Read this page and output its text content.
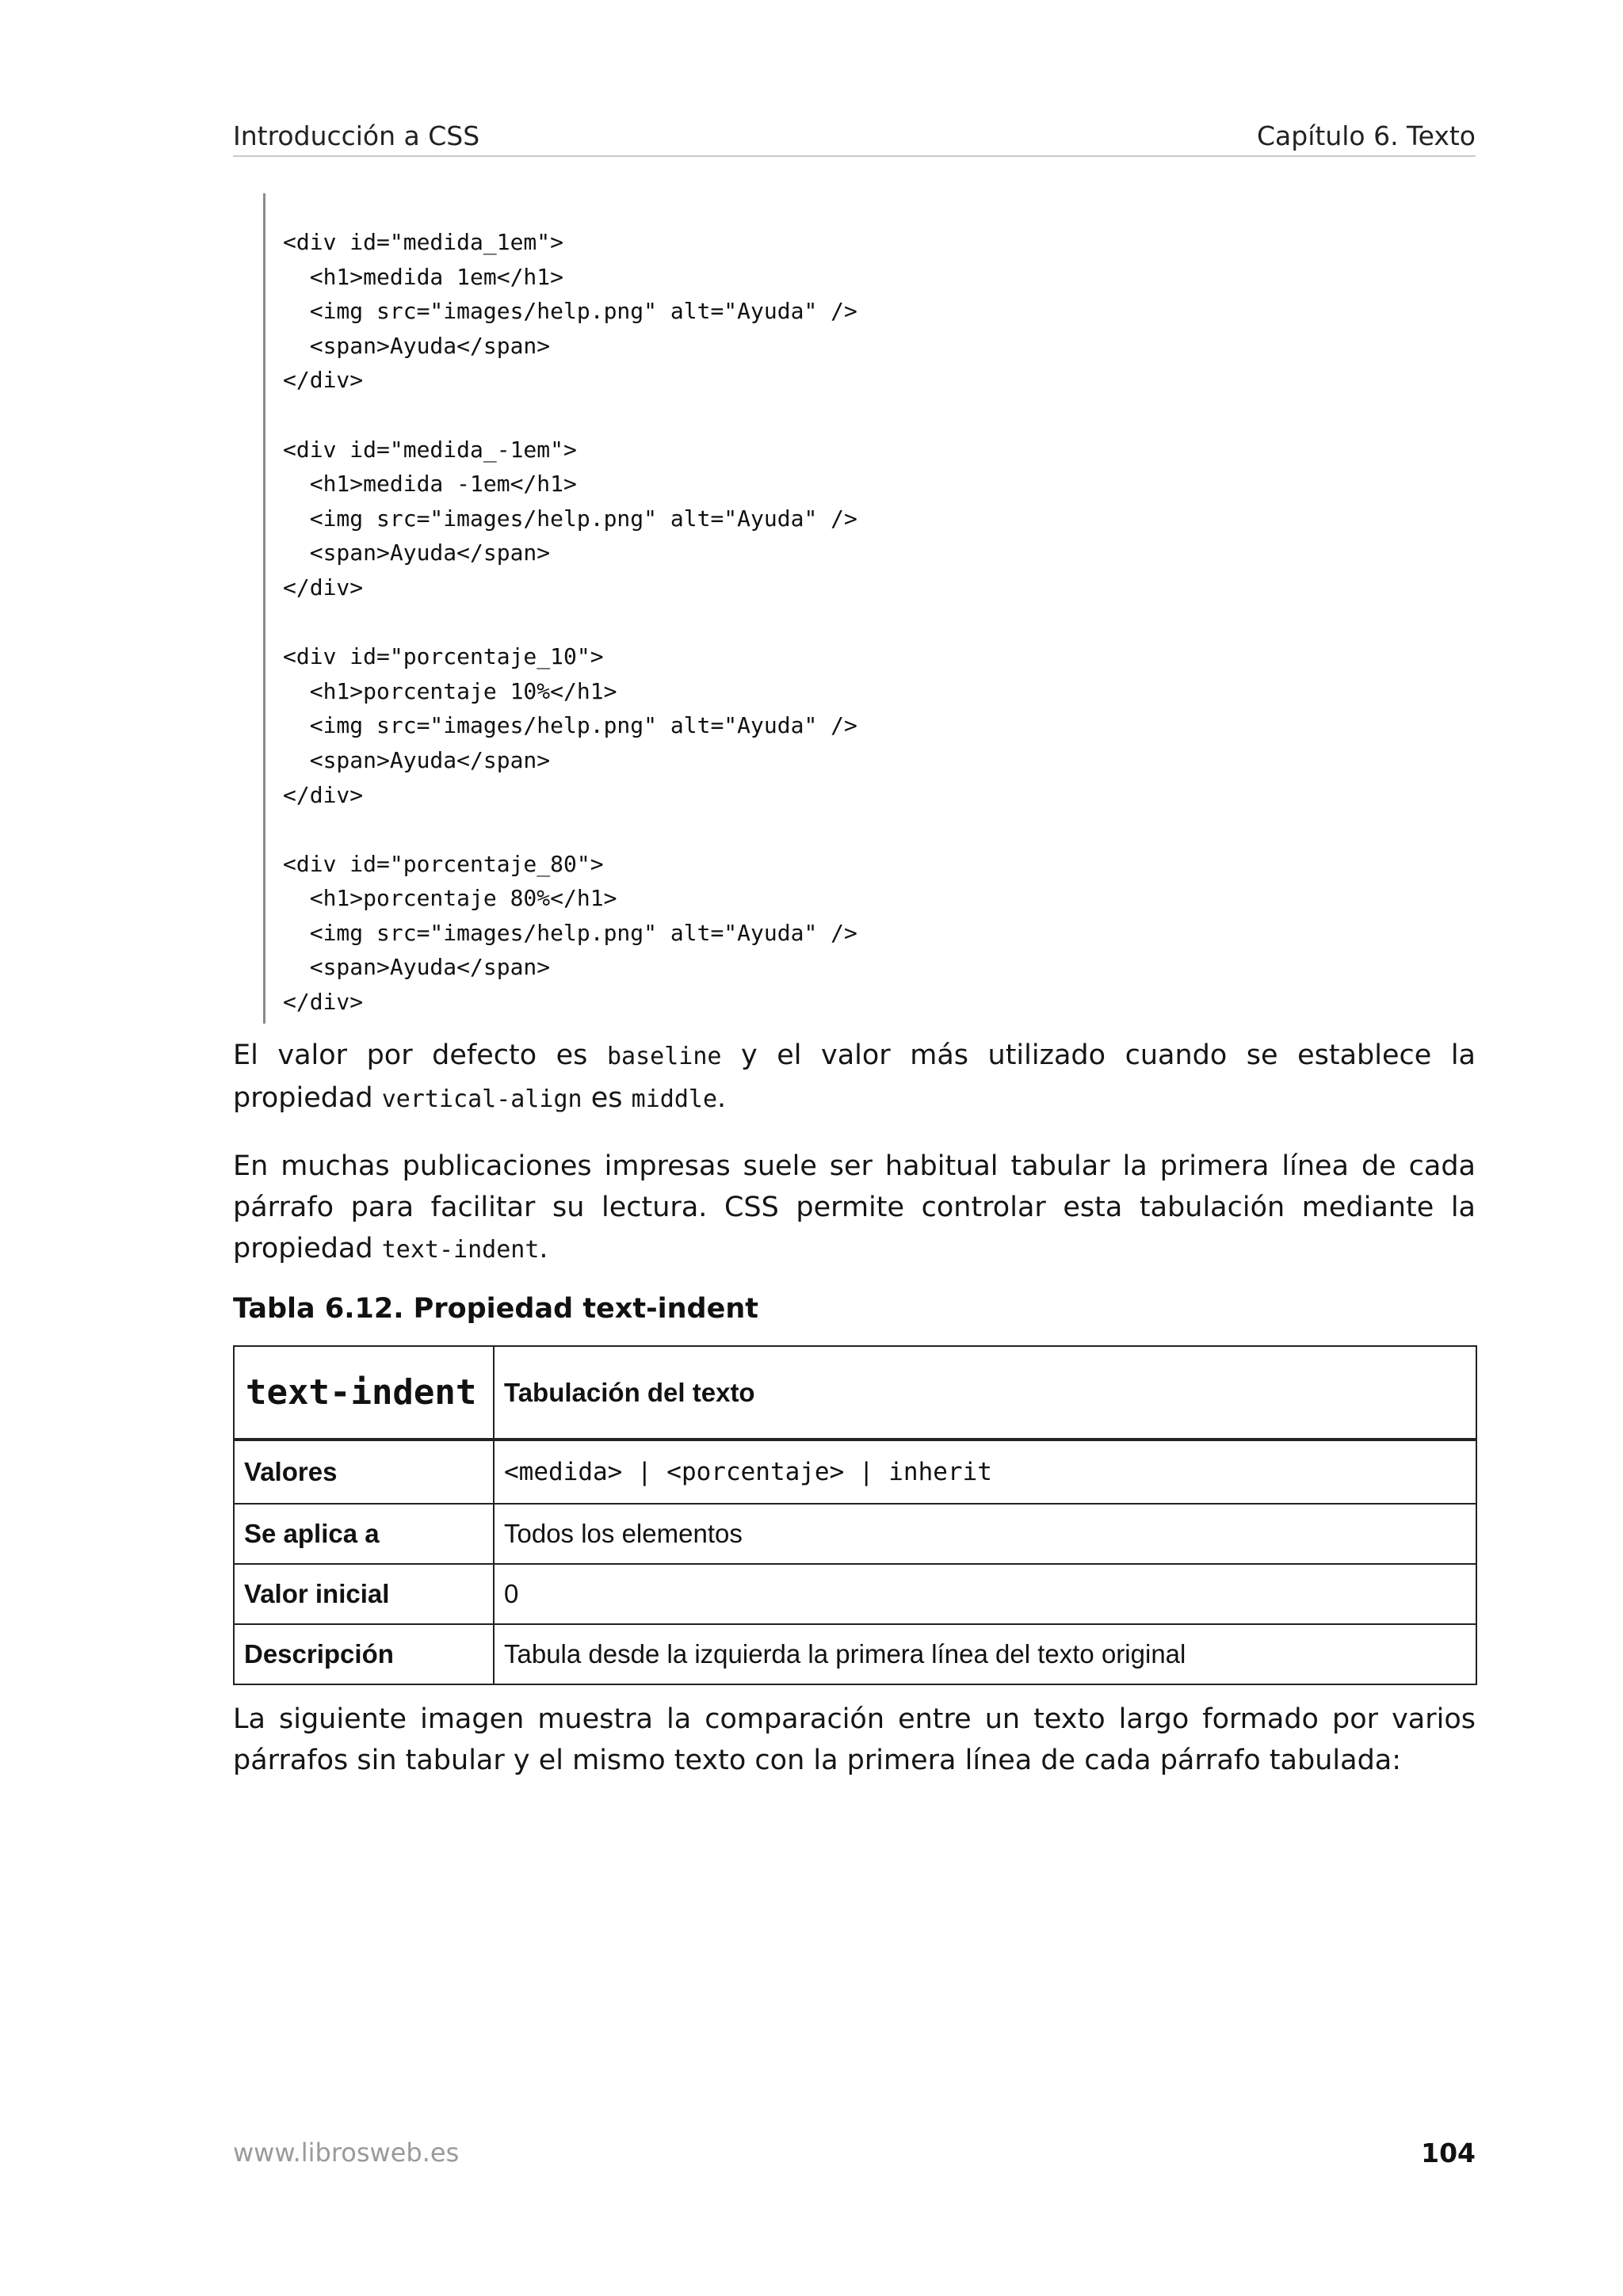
Introducción a CSS	Capítulo 6. Texto
<div id="medida_1em">
<h1>medida 1em</h1>
<img src="images/help.png" alt="Ayuda" />
<span>Ayuda</span>
</div>

<div id="medida_-1em">
<h1>medida -1em</h1>
<img src="images/help.png" alt="Ayuda" />
<span>Ayuda</span>
</div>

<div id="porcentaje_10">
<h1>porcentaje 10%</h1>
<img src="images/help.png" alt="Ayuda" />
<span>Ayuda</span>
</div>

<div id="porcentaje_80">
<h1>porcentaje 80%</h1>
<img src="images/help.png" alt="Ayuda" />
<span>Ayuda</span>
</div>

El valor por defecto es baseline y el valor más utilizado cuando se establece la propiedad vertical-align es middle.

En muchas publicaciones impresas suele ser habitual tabular la primera línea de cada párrafo para facilitar su lectura. CSS permite controlar esta tabulación mediante la propiedad text-indent.

Tabla 6.12. Propiedad text-indent
text-indent	Tabulación del texto
Valores	<medida> | <porcentaje> | inherit
Se aplica a	Todos los elementos
Valor inicial	0
Descripción	Tabula desde la izquierda la primera línea del texto original

La siguiente imagen muestra la comparación entre un texto largo formado por varios párrafos sin tabular y el mismo texto con la primera línea de cada párrafo tabulada:

www.librosweb.es	104
